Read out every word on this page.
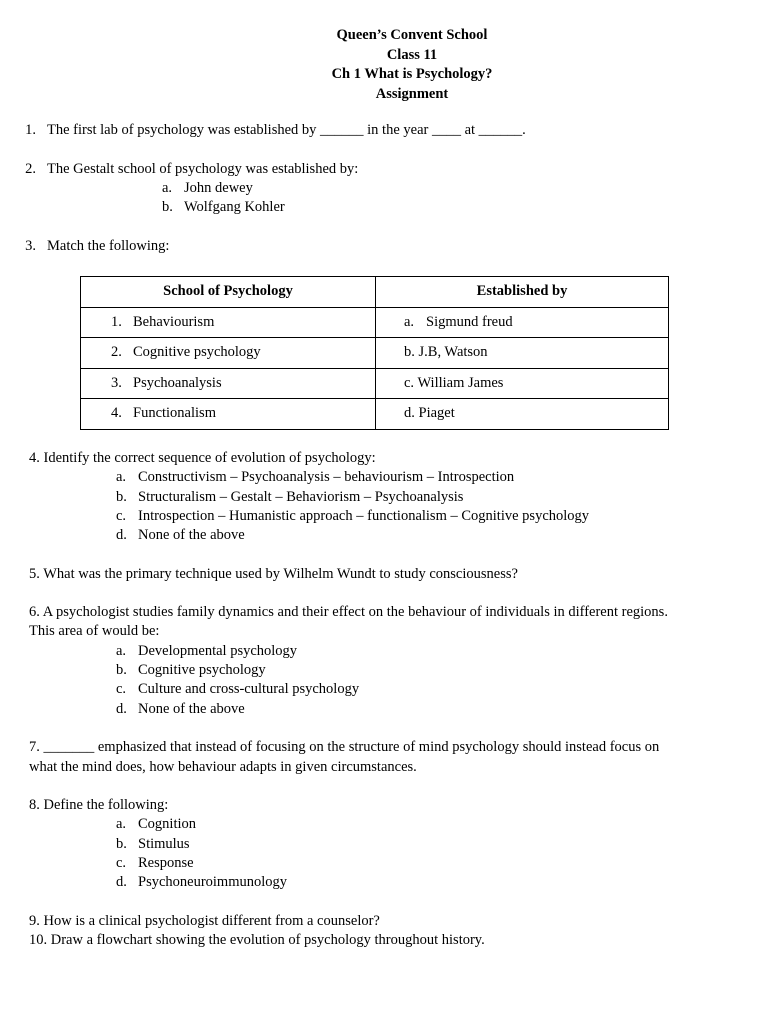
Queen’s Convent School
Class 11
Ch 1 What is Psychology?
Assignment
1. The first lab of psychology was established by ______ in the year ____ at ______.
2. The Gestalt school of psychology was established by:
a. John dewey
b. Wolfgang Kohler
3. Match the following:
School of Psychology	Established by
1. Behaviourism	a. Sigmund freud
2. Cognitive psychology	b. J.B, Watson
3. Psychoanalysis	c. William James
4. Functionalism	d. Piaget
4. Identify the correct sequence of evolution of psychology:
a. Constructivism – Psychoanalysis – behaviourism – Introspection
b. Structuralism – Gestalt – Behaviorism – Psychoanalysis
c. Introspection – Humanistic approach – functionalism – Cognitive psychology
d. None of the above
5. What was the primary technique used by Wilhelm Wundt to study consciousness?
6. A psychologist studies family dynamics and their effect on the behaviour of individuals in different regions.
This area of would be:
a. Developmental psychology
b. Cognitive psychology
c. Culture and cross-cultural psychology
d. None of the above
7. _______ emphasized that instead of focusing on the structure of mind psychology should instead focus on
what the mind does, how behaviour adapts in given circumstances.
8. Define the following:
a. Cognition
b. Stimulus
c. Response
d. Psychoneuroimmunology
9. How is a clinical psychologist different from a counselor?
10. Draw a flowchart showing the evolution of psychology throughout history.
